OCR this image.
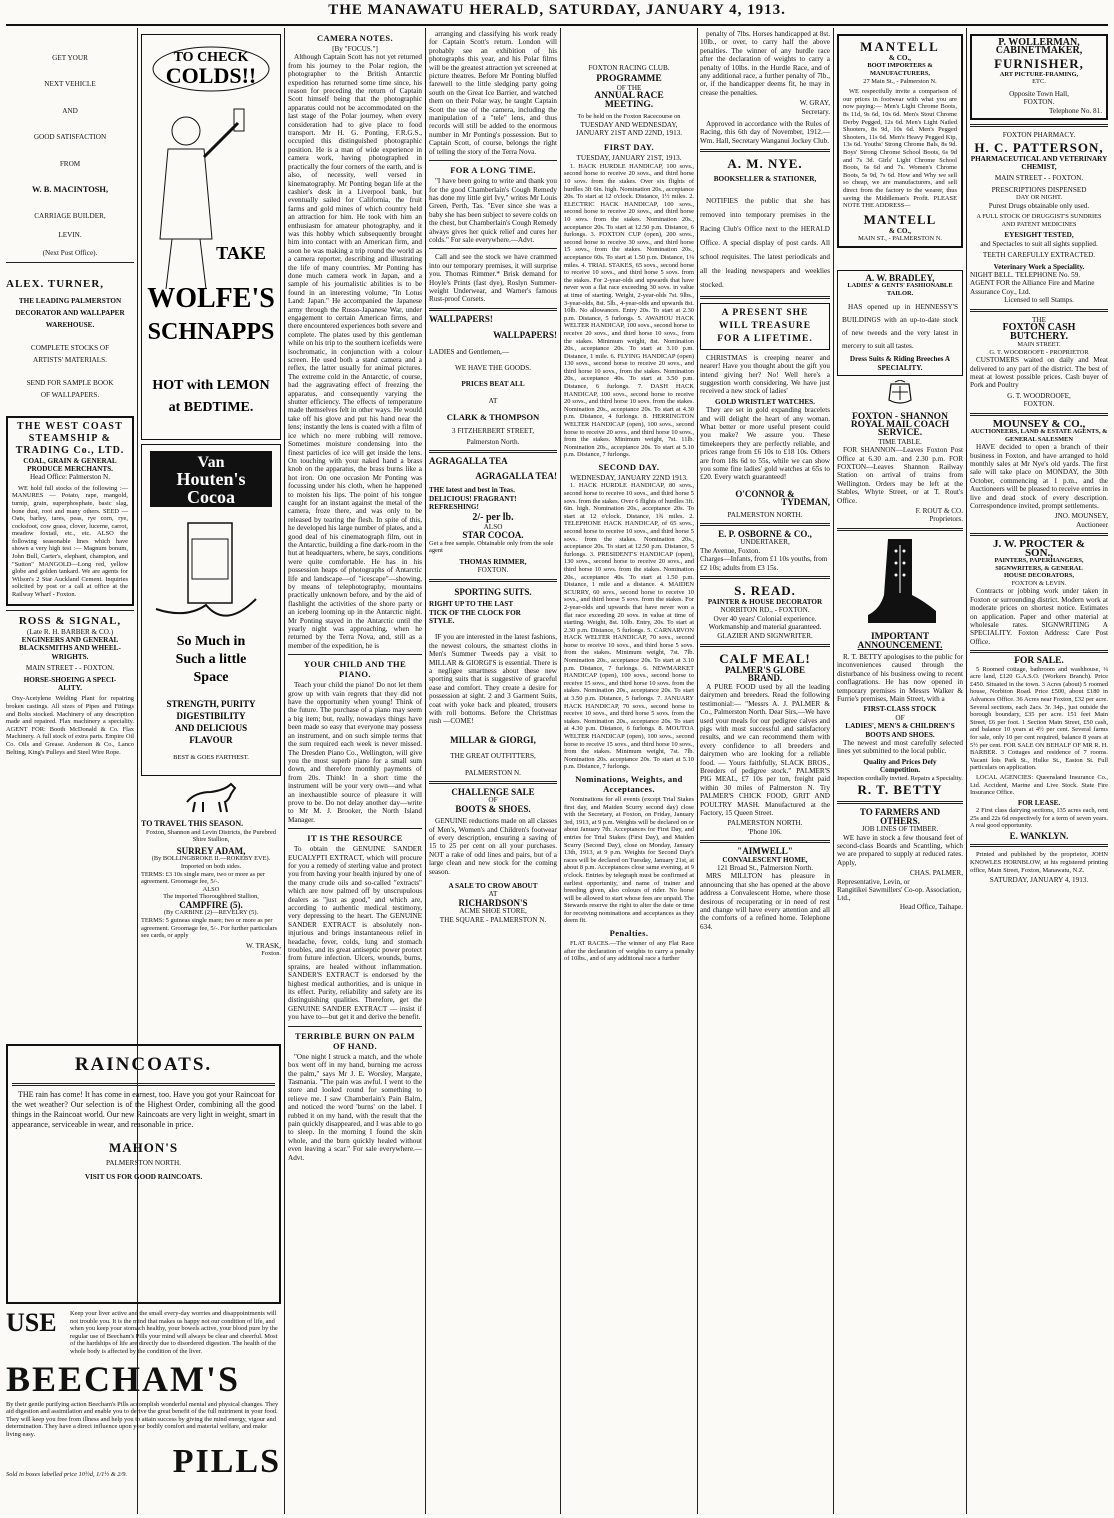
THE MANAWATU HERALD, SATURDAY, JANUARY 4, 1913.
GET YOUR
NEXT VEHICLE
AND
GOOD SATISFACTION
FROM
W. B. MACINTOSH,
CARRIAGE BUILDER,
LEVIN.
(Next Post Office).
ALEX. TURNER,
THE LEADING PALMERSTON
DECORATOR AND WALLPAPER
WAREHOUSE.
COMPLETE STOCKS OF
ARTISTS' MATERIALS.
SEND FOR SAMPLE BOOK
OF WALLPAPERS.
THE WEST COAST
STEAMSHIP &
TRADING Co., LTD.
COAL, GRAIN & GENERAL
PRODUCE MERCHANTS.
Head Office: Palmerston N.

WE hold full stocks of the following :— MANURES — Potato, rape, mangold, turnip, grain, superphosphate, basic slag, bone dust, root and many others. SEED — Oats, barley, tares, peas, rye corn, rye, cocksfoot, cow grass, clover, lucerne, carrot, meadow foxtail, etc., etc. ALSO the following seasonable lines which have shown a very high test :— Magnum bonum, John Bull, Carter's, elephant, champion, and "Sutton" MANGOLD—Long red, yellow globe and golden tankard. We are agents for Wilson's 2 Star Auckland Cement. Inquiries solicited by post or a call at office at the Railway Wharf - Foxton.

ROSS & SIGNAL,
(Late R. H. BARBER & CO.)
ENGINEERS AND GENERAL
BLACKSMITHS AND WHEEL-
WRIGHTS.
MAIN STREET - - FOXTON.
HORSE-SHOEING A SPECI-
ALITY.

Oxy-Acetylene Welding Plant for repairing broken castings. All sizes of Pipes and Fittings and Bolts stocked. Machinery of any description made and repaired. Flax machinery a speciality. AGENT FOR: Booth McDonald & Co. Flax Machinery. A full stock of extra parts. Empire Oil Co. Oils and Grease. Anderson & Co., Lanco Belting, King's Pulleys and Steel Wire Rope.

TO CHECK
COLDS!!
TAKE
WOLFE'S
SCHNAPPS
HOT with LEMON
at BEDTIME.
Van
Houten's
Cocoa
So Much in
Such a little
Space
STRENGTH, PURITY
DIGESTIBILITY
AND DELICIOUS
FLAVOUR
BEST & GOES FARTHEST.
TO TRAVEL THIS SEASON.
Foxton, Shannon and Levin Districts, the Purebred Shire Stallion,
SURREY ADAM,
(By BOLLINGBROKE II.—ROKEBY EVE).
Imported on both sides.
TERMS: £3 10s single mare, two or more as per agreement. Groomage fee, 5/-.
ALSO
The imported Thoroughbred Stallion,
CAMPFIRE (5).
(By CARBINE (2)—REVELRY (5).
TERMS: 5 guineas single mare; two or more as per agreement. Groomage fee, 5/-. For further particulars see cards, or apply
W. TRASK,
Foxton.
RAINCOATS.

THE rain has come! It has come in earnest, too. Have you got your Raincoat for the wet weather? Our selection is of the Highest Order, combining all the good things in the Raincoat world. Our new Raincoats are very light in weight, smart in appearance, serviceable in wear, and reasonable in price.

MAHON'S
PALMERSTON NORTH.
VISIT US FOR GOOD RAINCOATS.
USE	Keep your liver active and the small every-day worries and disappointments will not trouble you. It is the mind that makes us happy not our condition of life, and when you keep your stomach healthy, your bowels active, your blood pure by the regular use of Beecham's Pills your mind will always be clear and cheerful. Most of the hardships of life are directly due to disordered digestion. The health of the whole body is affected by the condition of the liver.
BEECHAM'S
By their gentle purifying action Beecham's Pills accomplish wonderful mental and physical changes. They aid digestion and assimilation and enable you to derive the great benefit of the full nutriment in your food. They will keep you free from illness and help you to attain success by giving the mind energy, vigour and determination. They have a direct influence upon your bodily comfort and material welfare, and make living easy.
Sold in boxes labelled price 10½d, 1/1½ & 2/9.	PILLS
CAMERA NOTES.
[By "FOCUS."]

Although Captain Scott has not yet returned from his journey to the Polar region, the photographer to the British Antarctic expedition has returned some time since, his reason for preceding the return of Captain Scott himself being that the photographic apparatus could not be accommodated on the last stage of the Polar journey, when every consideration had to give place to food transport. Mr H. G. Ponting, F.R.G.S., occupied this distinguished photographic position. He is a man of wide experience in camera work, having photographed in practically the four corners of the earth, and is also, of necessity, well versed in kinematography. Mr Ponting began life at the cashier's desk in a Liverpool bank, but eventually sailed for California, the fruit farms and gold mines of which country held an attraction for him. He took with him an enthusiasm for amateur photography, and it was this hobby which subsequently brought him into contact with an American firm, and soon he was making a trip round the world as a camera reporter, describing and illustrating the life of many countries. Mr Ponting has done much camera work in Japan, and a sample of his journalistic abilities is to be found in an interesting volume, "In Lotus Land: Japan." He accompanied the Japanese army through the Russo-Japanese War, under engagement to certain American firms, and there encountered experiences both severe and complete. The plates used by this gentleman while on his trip to the southern icefields were isochromatic, in conjunction with a colour screen. He used both a stand camera and a reflex, the latter usually for animal pictures. The extreme cold in the Antarctic, of course, had the aggravating effect of freezing the apparatus, and consequently varying the shutter efficiency. The effects of temperature made themselves felt in other ways. He would take off his glove and put his hand near the lens; instantly the lens is coated with a film of ice which no mere rubbing will remove. Sometimes moisture condensing into the finest particles of ice will get inside the lens. On touching with your naked hand a brass knob on the apparatus, the brass burns like a hot iron. On one occasion Mr Ponting was focussing under his cloth, when he happened to moisten his lips. The point of his tongue caught for an instant against the metal of the camera, froze there, and was only to be released by tearing the flesh. In spite of this, he developed his large number of plates, and a good deal of his cinematograph film, out in the Antarctic, building a fine dark-room in the hut at headquarters, where, he says, conditions were quite comfortable. He has in his possession heaps of photographs of Antarctic life and landscape—of "icescape"—showing, by means of telephotography, mountains practically unknown before, and by the aid of flashlight the activities of the shore party or an iceberg looming up in the Antarctic night. Mr Ponting stayed in the Antarctic until the yearly night was approaching, when he returned by the Terra Nova, and, still as a member of the expedition, he is

YOUR CHILD AND THE PIANO.

Teach your child the piano! Do not let them grow up with vain regrets that they did not have the opportunity when young! Think of the future. The purchase of a piano may seem a big item; but, really, nowadays things have been made so easy that everyone may possess an instrument, and on such simple terms that the sum required each week is never missed. The Dresden Piano Co., Wellington, will give you the most superb piano for a small sum down, and therefore monthly payments of from 20s. Think! In a short time the instrument will be your very own—and what an inexhaustible source of pleasure it will prove to be. Do not delay another day—write to Mr M. J. Brooker, the North Island Manager.

IT IS THE RESOURCE

To obtain the GENUINE SANDER EUCALYPTI EXTRACT, which will procure for you a remedy of sterling value and protect you from having your health injured by one of the many crude oils and so-called "extracts" which are now palmed off by unscrupulous dealers as "just as good," and which are, according to authentic medical testimony, very depressing to the heart. The GENUINE SANDER EXTRACT is absolutely non-injurious and brings instantaneous relief in headache, fever, colds, lung and stomach troubles, and its great antiseptic power protect from future infection. Ulcers, wounds, burns, sprains, are healed without inflammation. SANDER'S EXTRACT is endorsed by the highest medical authorities, and is unique in its effect. Purity, reliability and safety are its distinguishing qualities. Therefore, get the GENUINE SANDER EXTRACT — insist if you have to—but get it and derive the benefit.

TERRIBLE BURN ON PALM OF HAND.

"One night I struck a match, and the whole box went off in my hand, burning me across the palm," says Mr J. E. Worsley, Margate, Tasmania. "The pain was awful. I went to the store and looked round for something to relieve me. I saw Chamberlain's Pain Balm, and noticed the word 'burns' on the label. I rubbed it on my hand, with the result that the pain quickly disappeared, and I was able to go to sleep. In the morning I found the skin whole, and the burn quickly healed without even leaving a scar." For sale everywhere.—Advt.

arranging and classifying his work ready for Captain Scott's return. London will probably see an exhibition of his photographs this year, and his Polar films will be the greatest attraction yet screened at picture theatres. Before Mr Ponting bluffed farewell to the little sledging party going south on the Great Ice Barrier, and watched them on their Polar way, he taught Captain Scott the use of the camera, including the manipulation of a "tele" lens, and thus records will still be added to the enormous number in Mr Ponting's possession. But to Captain Scott, of course, belongs the right of telling the story of the Terra Nova.

FOR A LONG TIME.

"I have been going to write and thank you for the good Chamberlain's Cough Remedy has done my little girl Ivy," writes Mr Louis Green, Perth, Tas. "Ever since she was a baby she has been subject to severe colds on the chest, but Chamberlain's Cough Remedy always gives her quick relief and cures her colds." For sale everywhere.—Advt.

Call and see the stock we have crammed into our temporary premises, it will surprise you. Thomas Rimmer.* Brisk demand for Hoyle's Prints (fast dye), Roslyn Summer-weight Underwear, and Warner's famous Rust-proof Corsets.

WALLPAPERS!
WALLPAPERS!
LADIES and Gentlemen,—
WE HAVE THE GOODS.
PRICES BEAT ALL
AT
CLARK & THOMPSON
3 FITZHERBERT STREET,
Palmerston North.
AGRAGALLA TEA
AGRAGALLA TEA!
THE latest and best in Teas. DELICIOUS! FRAGRANT! REFRESHING!
2/- per lb.
ALSO
STAR COCOA.
Get a free sample. Obtainable only from the sole agent
THOMAS RIMMER,
FOXTON.
SPORTING SUITS.
RIGHT UP TO THE LAST
TICK OF THE CLOCK FOR
STYLE.

IF you are interested in the latest fashions, the newest colours, the smartest cloths in Men's Summer Tweeds pay a visit to MILLAR & GIORGI'S is essential. There is a negligee smartness about these new sporting suits that is suggestive of graceful ease and comfort. They create a desire for possession at sight. 2 and 3 Garment Suits, coat with yoke back and pleated, trousers with roll bottoms. Before the Christmas rush —COME!

MILLAR & GIORGI,
THE GREAT OUTFITTERS,
PALMERSTON N.
CHALLENGE SALE
OF
BOOTS & SHOES.

GENUINE reductions made on all classes of Men's, Women's and Children's footwear of every description, ensuring a saving of 15 to 25 per cent on all your purchases. NOT a rake of odd lines and pairs, but of a large clean and new stock for the coming season.

A SALE TO CROW ABOUT
AT
RICHARDSON'S
ACME SHOE STORE,
THE SQUARE - PALMERSTON N.
FOXTON RACING CLUB.
PROGRAMME
OF THE
ANNUAL RACE
MEETING.
To be held on the Foxton Racecourse on
TUESDAY AND WEDNESDAY,
JANUARY 21ST AND 22ND, 1913.
FIRST DAY.
TUESDAY, JANUARY 21ST, 1913.

1. HACK HURDLE HANDICAP, 100 sovs., second horse to receive 20 sovs., and third horse 10 sovs. from the stakes. Over six flights of hurdles 3ft 6in. high. Nomination 20s., acceptance 20s. To start at 12 o'clock. Distance, 1½ miles. 2. ELECTRIC HACK HANDICAP, 100 sovs., second horse to receive 20 sovs., and third horse 10 sovs. from the stakes. Nomination 20s., acceptance 20s. To start at 12.50 p.m. Distance, 6 furlongs. 3. FOXTON CUP (open), 200 sovs., second horse to receive 30 sovs., and third horse 15 sovs., from the stakes. Nomination 20s., acceptance 60s. To start at 1.50 p.m. Distance, 1¼ miles. 4. TRIAL STAKES, 65 sovs., second horse to receive 10 sovs., and third horse 5 sovs. from the stakes. For 2-year-olds and upwards that have never won a flat race exceeding 30 sovs. in value at time of starting. Weight, 2-year-olds 7st. 9lbs., 3-year-olds, 8st. 5lb., 4-year-olds and upwards 8st. 10lb. No allowances. Entry 20s. To start at 2.30 p.m. Distance, 5 furlongs. 5. AWAHOU HACK WELTER HANDICAP, 100 sovs., second horse to receive 20 sovs., and third horse 10 sovs., from the stakes. Minimum weight, 8st. Nomination 20s., acceptance 20s. To start at 3.10 p.m. Distance, 1 mile. 6. FLYING HANDICAP (open) 130 sovs., second horse to receive 20 sovs., and third horse 10 sovs., from the stakes. Nomination 20s., acceptance 40s. To start at 3.50 p.m. Distance, 6 furlongs. 7. DASH HACK HANDICAP, 100 sovs., second horse to receive 20 sovs., and third horse 10 sovs. from the stakes. Nomination 20s., acceptance 20s. To start at 4.30 p.m. Distance, 4 furlongs. 8. HERRINGTON WELTER HANDICAP (open), 100 sovs., second horse to receive 20 sovs., and third horse 10 sovs., from the stakes. Minimum weight, 7st. 11lb. Nomination 20s., acceptance 20s. To start at 5.10 p.m. Distance, 7 furlongs.

SECOND DAY.
WEDNESDAY, JANUARY 22ND 1913.

1. HACK HURDLE HANDICAP, 80 sovs., second horse to receive 10 sovs., and third horse 5 sovs. from the stakes. Over 6 flights of hurdles 3ft. 6in. high. Nomination 20s., acceptance 20s. To start at 12 o'clock. Distance, 1¾ miles. 2. TELEPHONE HACK HANDICAP, of 65 sovs., second horse to receive 10 sovs., and third horse 5 sovs. from the stakes. Nomination 20s., acceptance 20s. To start at 12.50 p.m. Distance, 5 furlongs. 3. PRESIDENT'S HANDICAP (open), 130 sovs., second horse to receive 20 sovs., and third horse 10 sovs. from the stakes. Nomination 20s., acceptance 40s. To start at 1.50 p.m. Distance, 1 mile and a distance. 4. MAIDEN SCURRY, 60 sovs., second horse to receive 10 sovs., and third horse 5 sovs. from the stakes. For 2-year-olds and upwards that have never won a flat race exceeding 20 sovs. in value at time of starting. Weight, 8st. 10lb. Entry, 20s. To start at 2.30 p.m. Distance, 5 furlongs. 5. CARNARVON HACK WELTER HANDICAP, 70 sovs., second horse to receive 10 sovs., and third horse 5 sovs. from the stakes. Minimum weight, 7st. 7lb. Nomination 20s., acceptance 20s. To start at 3.10 p.m. Distance, 7 furlongs. 6. NEWMARKET HANDICAP (open), 100 sovs., second horse to receive 15 sovs., and third horse 10 sovs. from the stakes. Nomination 20s., acceptance 20s. To start at 3.50 p.m. Distance, 5 furlongs. 7. JANUARY HACK HANDICAP, 70 sovs., second horse to receive 10 sovs., and third horse 5 sovs. from the stakes. Nomination 20s., acceptance 20s. To start at 4.30 p.m. Distance, 6 furlongs. 8. MOUTOA WELTER HANDICAP (open), 100 sovs., second horse to receive 15 sovs., and third horse 10 sovs., from the stakes. Minimum weight, 7st. 7lb. Nomination 20s. acceptance 20s. To start at 5.10 p.m. Distance, 7 furlongs.

Nominations, Weights, and Acceptances.

Nominations for all events (except Trial Stakes first day, and Maiden Scurry second day) close with the Secretary, at Foxton, on Friday, January 3rd, 1913, at 9 p.m. Weights will be declared on or about January 7th. Acceptances for First Day, and entries for Trial Stakes (First Day), and Maiden Scurry (Second Day), close on Monday, January 13th, 1913, at 9 p.m. Weights for Second Day's races will be declared on Tuesday, January 21st, at about 8 p.m. Acceptances close same evening, at 9 o'clock. Entries by telegraph must be confirmed at earliest opportunity, and name of trainer and breeding given, also colours of rider. No horse will be allowed to start whose fees are unpaid. The Stewards reserve the right to alter the date or time for receiving nominations and acceptances as they deem fit.

Penalties.

FLAT RACES.—The winner of any Flat Race after the declaration of weights to carry a penalty of 10lbs., and of any additional race a further

penalty of 7lbs. Horses handicapped at 8st. 10lb., or over, to carry half the above penalties. The winner of any hurdle race after the declaration of weights to carry a penalty of 10lbs. in the Hurdle Race, and of any additional race, a further penalty of 7lb., or, if the handicapper deems fit, he may in crease the penalties.

W. GRAY,
Secretary.

Approved in accordance with the Rules of Racing, this 6th day of November, 1912.—Wm. Hall, Secretary Wanganui Jockey Club.

A. M. NYE.
BOOKSELLER & STATIONER,

NOTIFIES the public that she has removed into temporary premises in the Racing Club's Office next to the HERALD Office. A special display of post cards. All school requisites. The latest periodicals and all the leading newspapers and weeklies stocked.

A PRESENT SHE
WILL TREASURE
FOR A LIFETIME.

CHRISTMAS is creeping nearer and nearer! Have you thought about the gift you intend giving her? No! Well here's a suggestion worth considering. We have just received a new stock of ladies'

GOLD WRISTLET WATCHES.

They are set in gold expanding bracelets and will delight the heart of any woman. What better or more useful present could you make? We assure you. These timekeepers they are perfectly reliable, and prices range from £6 10s to £18 10s. Others are from 18s 6d to 55s, while we can show you some fine ladies' gold watches at 65s to £20. Every watch guaranteed!

O'CONNOR &
TYDEMAN,
PALMERSTON NORTH.
E. P. OSBORNE & CO.,
UNDERTAKER,
The Avenue, Foxton.
Charges—Infants, from £1 10s youths, from £2 10s; adults from £3 15s.
S. READ.
PAINTER & HOUSE DECORATOR
NORBITON RD., - FOXTON.
Over 40 years' Colonial experience.
Workmanship and material guaranteed.
GLAZIER AND SIGNWRITER.
CALF MEAL!
PALMER'S GLOBE
BRAND.

A PURE FOOD used by all the leading dairymen and breeders. Read the following testimonial:— "Messrs A. J. PALMER & Co., Palmerston North. Dear Sirs,—We have used your meals for our pedigree calves and pigs with most successful and satisfactory results, and we can recommend them with every confidence to all breeders and dairymen who are looking for a reliable food. — Yours faithfully, SLACK BROS., Breeders of pedigree stock." PALMER'S PIG MEAL, £7 10s per ton, freight paid within 30 miles of Palmerston N. Try PALMER'S CHICK FOOD, GRIT AND POULTRY MASH. Manufactured at the Factory, 15 Queen Street.

PALMERSTON NORTH.
'Phone 106.
"AIMWELL"
CONVALESCENT HOME,
121 Broad St., Palmerston North.

MRS MILLTON has pleasure in announcing that she has opened at the above address a Convalescent Home, where those desirous of recuperating or in need of rest and change will have every attention and all the comforts of a refined home. Telephone 634.

MANTELL
& CO.,
BOOT IMPORTERS & MANUFACTURERS,
27 Main St., - Palmerston N.

WE respectfully invite a comparison of our prices in footwear with what you are now paying:— Men's Light Chrome Boots, 8s 11d, 9s 6d, 10s 6d. Men's Stout Chrome Derby Pegged, 12s 6d. Men's Light Nailed Shooters, 8s 9d, 10s 6d. Men's Pegged Shooters, 11s 6d. Men's Heavy Pegged Kip, 13s 6d. Youths' Strong Chrome Bals, 8s 9d. Boys' Strong Chrome School Boots, 6s 9d and 7s 3d. Girls' Light Chrome School Boots, 6s 6d and 7s. Women's Chrome Boots, 5s 9d, 7s 6d. How and Why we sell so cheap, we are manufacturers, and sell direct from the factory to the wearer, thus saving the Middleman's Profit. PLEASE NOTE THE ADDRESS—

MANTELL
& CO.,
MAIN ST., - PALMERSTON N.
A. W. BRADLEY,
LADIES' & GENTS' FASHIONABLE TAILOR.

HAS opened up in HENNESSY'S BUILDINGS with an up-to-date stock of new tweeds and the very latest in mercery to suit all tastes.

Dress Suits & Riding Breeches A SPECIALITY.
FOXTON - SHANNON
ROYAL MAIL COACH
SERVICE.
TIME TABLE.

FOR SHANNON—Leaves Foxton Post Office at 6.30 a.m. and 2.30 p.m. FOR FOXTON—Leaves Shannon Railway Station on arrival of trains from Wellington. Orders may be left at the Stables, Whyte Street, or at T. Rout's Office.

F. ROUT & CO.
Proprietors.
IMPORTANT
ANNOUNCEMENT.

R. T. BETTY apologises to the public for inconveniences caused through the disturbance of his business owing to recent conflagrations. He has now opened in temporary premises in Messrs Walker & Furrie's premises, Main Street, with a

FIRST-CLASS STOCK
OF
LADIES', MEN'S & CHILDREN'S
BOOTS AND SHOES.

The newest and most carefully selected lines yet submitted to the local public.

Quality and Prices Defy
Competition.
Inspection cordially invited. Repairs a Speciality.
R. T. BETTY
TO FARMERS AND
OTHERS.
JOB LINES OF TIMBER.

WE have in stock a few thousand feet of second-class Boards and Scantling, which we are prepared to supply at reduced rates. Apply,

CHAS. PALMER,
Representative, Levin, or
Rangitikei Sawmillers' Co-op. Association, Ltd.,
Head Office, Taihape.
P. WOLLERMAN,
CABINETMAKER,
FURNISHER,
ART PICTURE-FRAMING,
ETC.
Opposite Town Hall,
FOXTON.
Telephone No. 81.
FOXTON PHARMACY.
H. C. PATTERSON,
PHARMACEUTICAL AND VETERINARY CHEMIST,
MAIN STREET - - FOXTON.
PRESCRIPTIONS DISPENSED
DAY OR NIGHT.
Purest Drugs obtainable only used.
A FULL STOCK OF DRUGGIST'S SUNDRIES AND PATENT MEDICINES
EYESIGHT TESTED,
and Spectacles to suit all sights supplied.
TEETH CAREFULLY EXTRACTED.
Veterinary Work a Speciality.
NIGHT BELL. TELEPHONE No. 59.
AGENT FOR the Alliance Fire and Marine Assurance Coy., Ltd.
Licensed to sell Stamps.
THE
FOXTON CASH
BUTCHERY.
MAIN STREET.
G. T. WOODROOFE - PROPRIETOR

CUSTOMERS waited on daily and Meat delivered to any part of the district. The best of meat at lowest possible prices. Cash buyer of Pork and Poultry

G. T. WOODROOFE,
FOXTON.
MOUNSEY & CO.,
AUCTIONEERS, LAND & ESTATE AGENTS, & GENERAL SALESMEN

HAVE decided to open a branch of their business in Foxton, and have arranged to hold monthly sales at Mr Nye's old yards. The first sale will take place on MONDAY, the 30th October, commencing at 1 p.m., and the Auctioneers will be pleased to receive entries in live and dead stock of every description. Correspondence invited, prompt settlements.

JNO. MOUNSEY,
Auctioneer
J. W. PROCTER &
SON.,
PAINTERS, PAPERHANGERS,
SIGNWRITERS, & GENERAL
HOUSE DECORATORS,
FOXTON & LEVIN.

Contracts or jobbing work under taken in Foxton or surrounding district. Modern work at moderate prices on shortest notice. Estimates on application. Paper and other material at wholesale rates. SIGNWRITING A SPECIALITY. Foxton Address: Care Post Office.

FOR SALE.

5 Roomed cottage, bathroom and washhouse, ¼ acre land, £120 G.A.S.O. (Workers Branch). Price £450. Situated in the town. 3 Acres (about) 5 roomed house, Norbiton Road. Price £500, about £180 in Advances Office. 36 Acres near Foxton, £32 per acre. Several sections, each 2acs. 3r. 34p., just outside the borough boundary, £35 per acre. 151 feet Main Street, £6 per foot. 1 Section Main Street, £50 cash, and balance 10 years at 4½ per cent. Several farms for sale, only 10 per cent required, balance 8 years at 5½ per cent. FOR SALE ON BEHALF OF MR R. H. BARBER. 3 Cottages and residence of 7 rooms. Vacant lots Park St., Hulke St., Easton St. Full particulars on application.

LOCAL AGENCIES: Queensland Insurance Co., Ltd. Accident, Marine and Live Stock. State Fire Insurance Office.

FOR LEASE.

2 First class dairying sections, 135 acres each, rent 25s and 22s 6d respectively for a term of seven years. A real good opportunity.

E. WANKLYN.

Printed and published by the proprietor, JOHN KNOWLES HORNBLOW, at his registered printing office, Main Street, Foxton, Manawatu, N.Z.

SATURDAY, JANUARY 4, 1913.
